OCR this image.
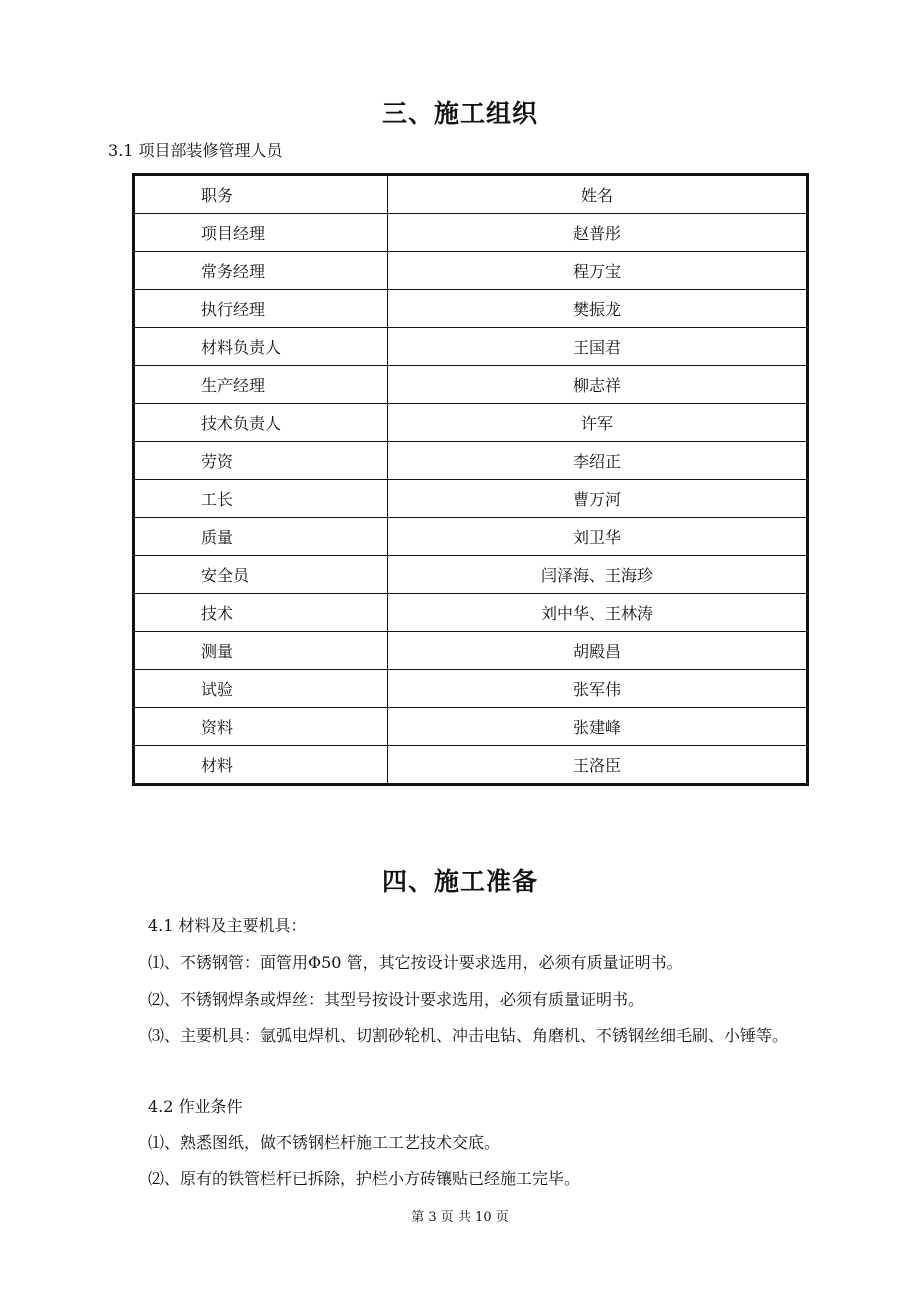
三、施工组织

3.1 项目部装修管理人员

职务	姓名
项目经理	赵普彤
常务经理	程万宝
执行经理	樊振龙
材料负责人	王国君
生产经理	柳志祥
技术负责人	许军
劳资	李绍正
工长	曹万河
质量	刘卫华
安全员	闫泽海、王海珍
技术	刘中华、王林涛
测量	胡殿昌
试验	张军伟
资料	张建峰
材料	王洛臣
四、施工准备

4.1 材料及主要机具：

⑴、不锈钢管：面管用Φ50 管，其它按设计要求选用，必须有质量证明书。

⑵、不锈钢焊条或焊丝：其型号按设计要求选用，必须有质量证明书。

⑶、主要机具：氩弧电焊机、切割砂轮机、冲击电钻、角磨机、不锈钢丝细毛刷、小锤等。

4.2 作业条件

⑴、熟悉图纸，做不锈钢栏杆施工工艺技术交底。

⑵、原有的铁管栏杆已拆除，护栏小方砖镶贴已经施工完毕。

第 3 页 共 10 页
